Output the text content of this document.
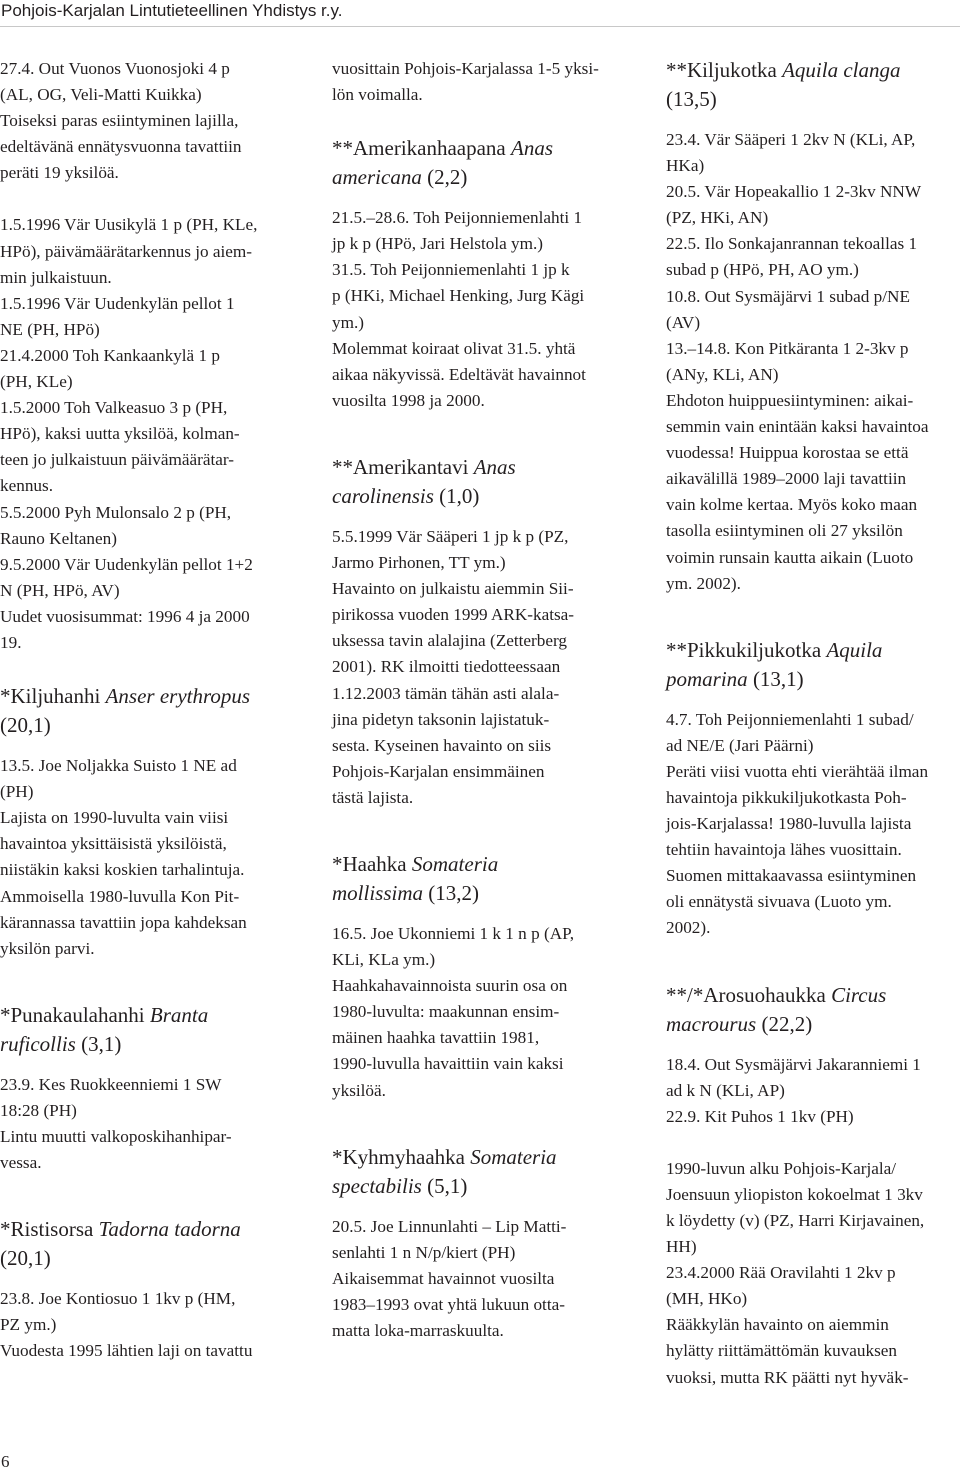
Pohjois-Karjalan Lintutieteellinen Yhdistys r.y.

27.4. Out Vuonos Vuonosjoki 4 p
(AL, OG, Veli-Matti Kuikka)
Toiseksi paras esiintyminen lajilla,
edeltävänä ennätysvuonna tavattiin
peräti 19 yksilöä.

1.5.1996 Vär Uusikylä 1 p (PH, KLe,
HPö), päivämäärätarkennus jo aiem-
min julkaistuun.
1.5.1996 Vär Uudenkylän pellot 1
NE (PH, HPö)
21.4.2000 Toh Kankaankylä 1 p
(PH, KLe)
1.5.2000 Toh Valkeasuo 3 p (PH,
HPö), kaksi uutta yksilöä, kolman-
teen jo julkaistuun päivämäärätar-
kennus.
5.5.2000 Pyh Mulonsalo 2 p (PH,
Rauno Keltanen)
9.5.2000 Vär Uudenkylän pellot 1+2
N (PH, HPö, AV)
Uudet vuosisummat: 1996 4 ja 2000
19.

*Kiljuhanhi Anser erythropus
(20,1)

13.5. Joe Noljakka Suisto 1 NE ad
(PH)
Lajista on 1990-luvulta vain viisi
havaintoa yksittäisistä yksilöistä,
niistäkin kaksi koskien tarhalintuja.
Ammoisella 1980-luvulla Kon Pit-
kärannassa tavattiin jopa kahdeksan
yksilön parvi.

*Punakaulahanhi Branta
ruficollis (3,1)

23.9. Kes Ruokkeenniemi 1 SW
18:28 (PH)
Lintu muutti valkoposkihanhipar-
vessa.

*Ristisorsa Tadorna tadorna
(20,1)

23.8. Joe Kontiosuo 1 1kv p (HM,
PZ ym.)
Vuodesta 1995 lähtien laji on tavattu

vuosittain Pohjois-Karjalassa 1-5 yksi-
lön voimalla.

**Amerikanhaapana Anas
americana (2,2)

21.5.–28.6. Toh Peijonniemenlahti 1
jp k p (HPö, Jari Helstola ym.)
31.5. Toh Peijonniemenlahti 1 jp k
p (HKi, Michael Henking, Jurg Kägi
ym.)
Molemmat koiraat olivat 31.5. yhtä
aikaa näkyvissä. Edeltävät havainnot
vuosilta 1998 ja 2000.

**Amerikantavi Anas
carolinensis (1,0)

5.5.1999 Vär Sääperi 1 jp k p (PZ,
Jarmo Pirhonen, TT ym.)
Havainto on julkaistu aiemmin Sii-
pirikossa vuoden 1999 ARK-katsa-
uksessa tavin alalajina (Zetterberg
2001). RK ilmoitti tiedotteessaan
1.12.2003 tämän tähän asti alala-
jina pidetyn taksonin lajistatuk-
sesta. Kyseinen havainto on siis
Pohjois-Karjalan ensimmäinen
tästä lajista.

*Haahka Somateria
mollissima (13,2)

16.5. Joe Ukonniemi 1 k 1 n p (AP,
KLi, KLa ym.)
Haahkahavainnoista suurin osa on
1980-luvulta: maakunnan ensim-
mäinen haahka tavattiin 1981,
1990-luvulla havaittiin vain kaksi
yksilöä.

*Kyhmyhaahka Somateria
spectabilis (5,1)

20.5. Joe Linnunlahti – Lip Matti-
senlahti 1 n N/p/kiert (PH)
Aikaisemmat havainnot vuosilta
1983–1993 ovat yhtä lukuun otta-
matta loka-marraskuulta.

**Kiljukotka Aquila clanga
(13,5)

23.4. Vär Sääperi 1 2kv N (KLi, AP,
HKa)
20.5. Vär Hopeakallio 1 2-3kv NNW
(PZ, HKi, AN)
22.5. Ilo Sonkajanrannan tekoallas 1
subad p (HPö, PH, AO ym.)
10.8. Out Sysmäjärvi 1 subad p/NE
(AV)
13.–14.8. Kon Pitkäranta 1 2-3kv p
(ANy, KLi, AN)
Ehdoton huippuesiintyminen: aikai-
semmin vain enintään kaksi havaintoa
vuodessa! Huippua korostaa se että
aikavälillä 1989–2000 laji tavattiin
vain kolme kertaa. Myös koko maan
tasolla esiintyminen oli 27 yksilön
voimin runsain kautta aikain (Luoto
ym. 2002).

**Pikkukiljukotka Aquila
pomarina (13,1)

4.7. Toh Peijonniemenlahti 1 subad/
ad NE/E (Jari Päärni)
Peräti viisi vuotta ehti vierähtää ilman
havaintoja pikkukiljukotkasta Poh-
jois-Karjalassa! 1980-luvulla lajista
tehtiin havaintoja lähes vuosittain.
Suomen mittakaavassa esiintyminen
oli ennätystä sivuava (Luoto ym.
2002).

**/*Arosuohaukka Circus
macrourus (22,2)

18.4. Out Sysmäjärvi Jakaranniemi 1
ad k N (KLi, AP)
22.9. Kit Puhos 1 1kv (PH)

1990-luvun alku Pohjois-Karjala/
Joensuun yliopiston kokoelmat 1 3kv
k löydetty (v) (PZ, Harri Kirjavainen,
HH)
23.4.2000 Rää Oravilahti 1 2kv p
(MH, HKo)
Rääkkylän havainto on aiemmin
hylätty riittämättömän kuvauksen
vuoksi, mutta RK päätti nyt hyväk-

6
